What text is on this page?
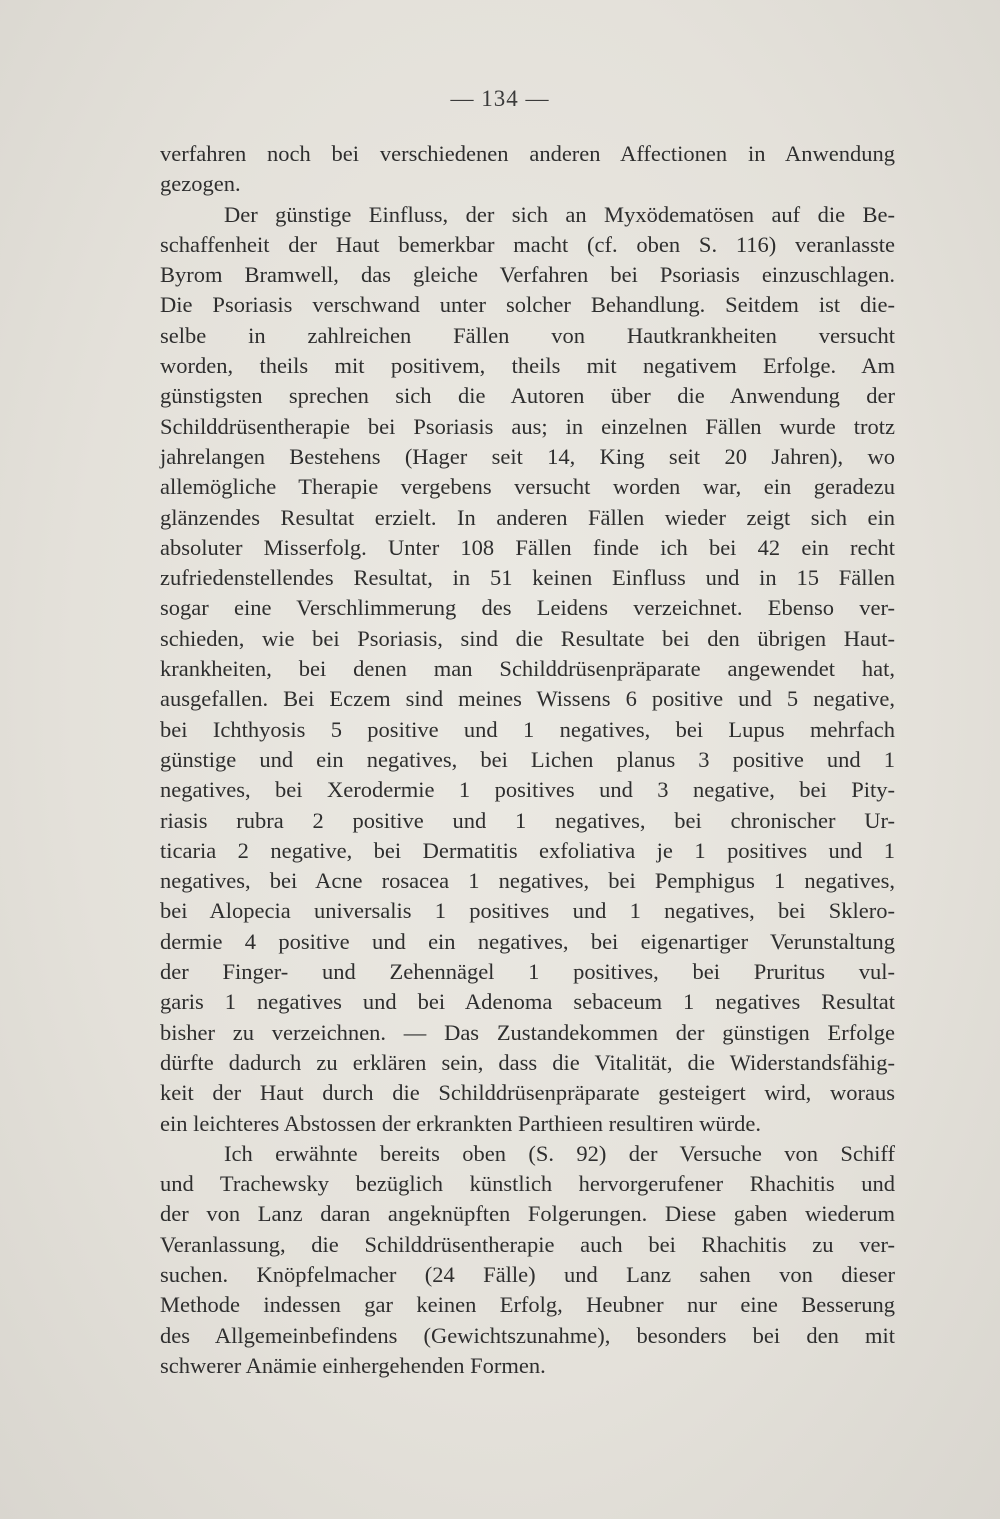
— 134 —
verfahren noch bei verschiedenen anderen Affectionen in Anwendung
gezogen.
Der günstige Einfluss, der sich an Myxödematösen auf die Be-
schaffenheit der Haut bemerkbar macht (cf. oben S. 116) veranlasste
Byrom Bramwell, das gleiche Verfahren bei Psoriasis einzuschlagen.
Die Psoriasis verschwand unter solcher Behandlung. Seitdem ist die-
selbe in zahlreichen Fällen von Hautkrankheiten versucht
worden, theils mit positivem, theils mit negativem Erfolge. Am
günstigsten sprechen sich die Autoren über die Anwendung der
Schilddrüsentherapie bei Psoriasis aus; in einzelnen Fällen wurde trotz
jahrelangen Bestehens (Hager seit 14, King seit 20 Jahren), wo
allemögliche Therapie vergebens versucht worden war, ein geradezu
glänzendes Resultat erzielt. In anderen Fällen wieder zeigt sich ein
absoluter Misserfolg. Unter 108 Fällen finde ich bei 42 ein recht
zufriedenstellendes Resultat, in 51 keinen Einfluss und in 15 Fällen
sogar eine Verschlimmerung des Leidens verzeichnet. Ebenso ver-
schieden, wie bei Psoriasis, sind die Resultate bei den übrigen Haut-
krankheiten, bei denen man Schilddrüsenpräparate angewendet hat,
ausgefallen. Bei Eczem sind meines Wissens 6 positive und 5 negative,
bei Ichthyosis 5 positive und 1 negatives, bei Lupus mehrfach
günstige und ein negatives, bei Lichen planus 3 positive und 1
negatives, bei Xerodermie 1 positives und 3 negative, bei Pity-
riasis rubra 2 positive und 1 negatives, bei chronischer Ur-
ticaria 2 negative, bei Dermatitis exfoliativa je 1 positives und 1
negatives, bei Acne rosacea 1 negatives, bei Pemphigus 1 negatives,
bei Alopecia universalis 1 positives und 1 negatives, bei Sklero-
dermie 4 positive und ein negatives, bei eigenartiger Verunstaltung
der Finger- und Zehennägel 1 positives, bei Pruritus vul-
garis 1 negatives und bei Adenoma sebaceum 1 negatives Resultat
bisher zu verzeichnen. — Das Zustandekommen der günstigen Erfolge
dürfte dadurch zu erklären sein, dass die Vitalität, die Widerstandsfähig-
keit der Haut durch die Schilddrüsenpräparate gesteigert wird, woraus
ein leichteres Abstossen der erkrankten Parthieen resultiren würde.
Ich erwähnte bereits oben (S. 92) der Versuche von Schiff
und Trachewsky bezüglich künstlich hervorgerufener Rhachitis und
der von Lanz daran angeknüpften Folgerungen. Diese gaben wiederum
Veranlassung, die Schilddrüsentherapie auch bei Rhachitis zu ver-
suchen. Knöpfelmacher (24 Fälle) und Lanz sahen von dieser
Methode indessen gar keinen Erfolg, Heubner nur eine Besserung
des Allgemeinbefindens (Gewichtszunahme), besonders bei den mit
schwerer Anämie einhergehenden Formen.
